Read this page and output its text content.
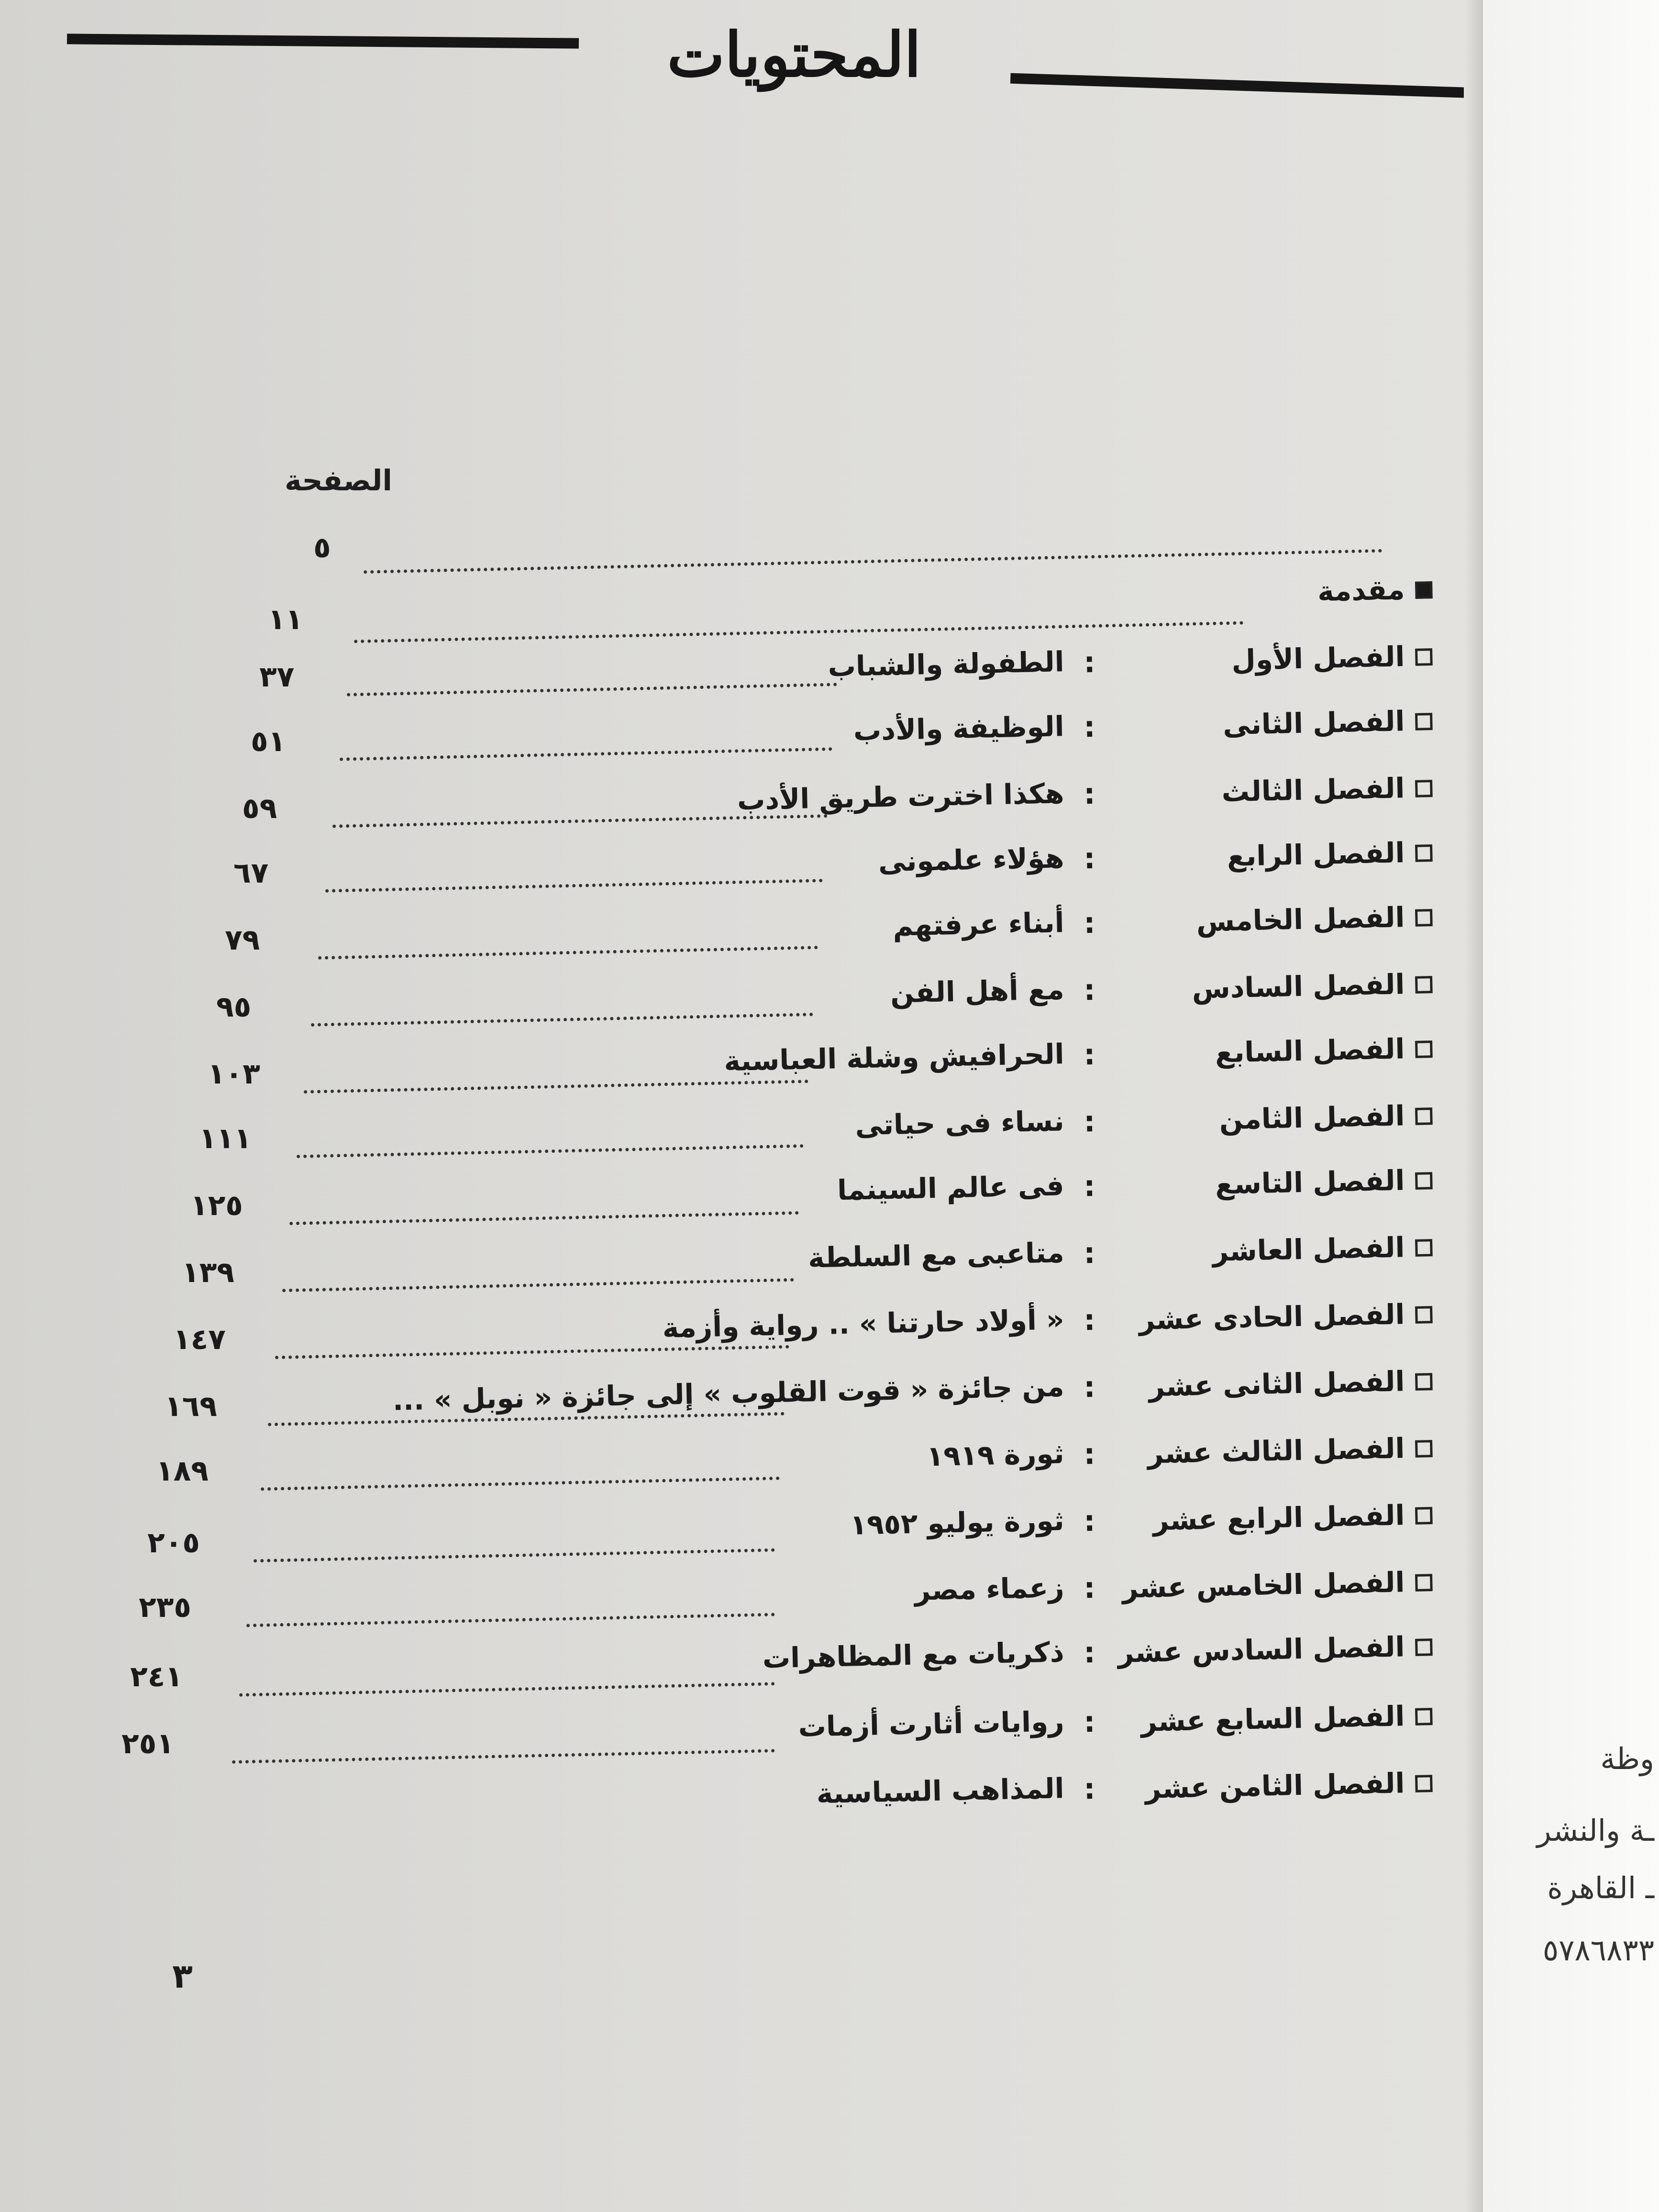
المحتويات
الصفحة
٥
مقدمة
١١
الفصل الأول
:
الطفولة والشباب
٣٧
الفصل الثانى
:
الوظيفة والأدب
٥١
الفصل الثالث
:
هكذا اخترت طريق الأدب
٥٩
الفصل الرابع
:
هؤلاء علمونى
٦٧
الفصل الخامس
:
أبناء عرفتهم
٧٩
الفصل السادس
:
مع أهل الفن
٩٥
الفصل السابع
:
الحرافيش وشلة العباسية
١٠٣
الفصل الثامن
:
نساء فى حياتى
١١١
الفصل التاسع
:
فى عالم السينما
١٢٥
الفصل العاشر
:
متاعبى مع السلطة
١٣٩
الفصل الحادى عشر
:
« أولاد حارتنا » .. رواية وأزمة
١٤٧
الفصل الثانى عشر
:
من جائزة « قوت القلوب » إلى جائزة « نوبل » ...
١٦٩
الفصل الثالث عشر
:
ثورة ١٩١٩
١٨٩
الفصل الرابع عشر
:
ثورة يوليو ١٩٥٢
٢٠٥
الفصل الخامس عشر
:
زعماء مصر
٢٣٥
الفصل السادس عشر
:
ذكريات مع المظاهرات
٢٤١
الفصل السابع عشر
:
روايات أثارت أزمات
٢٥١
الفصل الثامن عشر
:
المذاهب السياسية
٣
وظة
ـة والنشر
ـ القاهرة
٥٧٨٦٨٣٣
